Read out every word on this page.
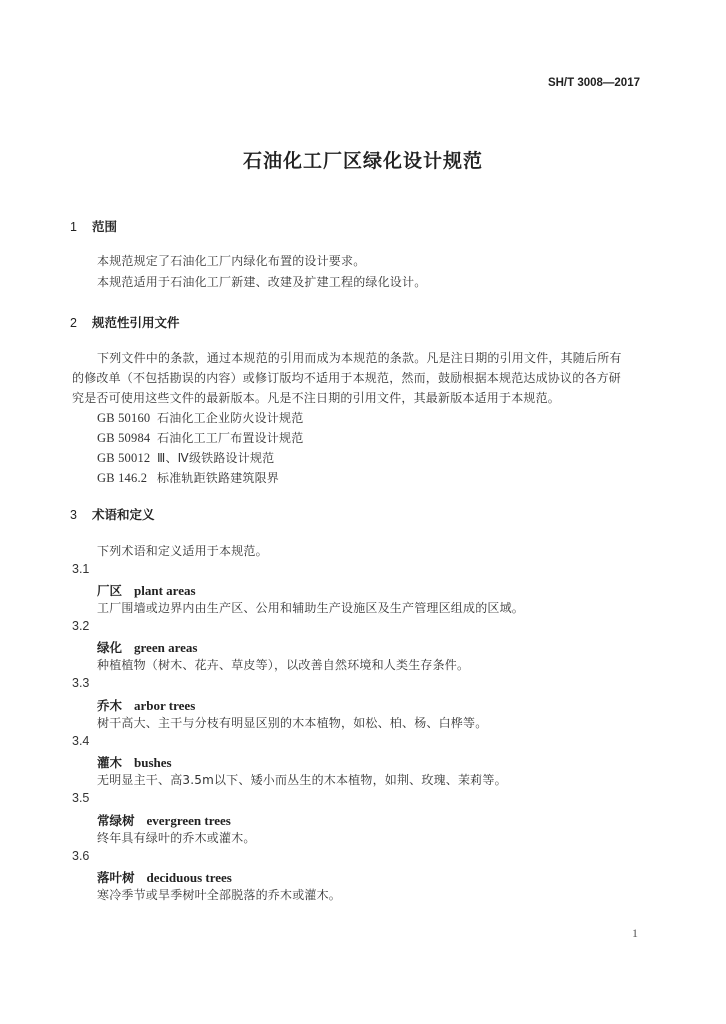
SH/T 3008—2017
石油化工厂区绿化设计规范
1 范围
本规范规定了石油化工厂内绿化布置的设计要求。
本规范适用于石油化工厂新建、改建及扩建工程的绿化设计。
2 规范性引用文件
下列文件中的条款，通过本规范的引用而成为本规范的条款。凡是注日期的引用文件，其随后所有
的修改单（不包括勘误的内容）或修订版均不适用于本规范，然而，鼓励根据本规范达成协议的各方研
究是否可使用这些文件的最新版本。凡是不注日期的引用文件，其最新版本适用于本规范。
GB 50160 石油化工企业防火设计规范
GB 50984 石油化工工厂布置设计规范
GB 50012 Ⅲ、Ⅳ级铁路设计规范
GB 146.2 标准轨距铁路建筑限界
3 术语和定义
下列术语和定义适用于本规范。
3.1
厂区 plant areas
工厂围墙或边界内由生产区、公用和辅助生产设施区及生产管理区组成的区域。
3.2
绿化 green areas
种植植物（树木、花卉、草皮等），以改善自然环境和人类生存条件。
3.3
乔木 arbor trees
树干高大、主干与分枝有明显区别的木本植物，如松、柏、杨、白桦等。
3.4
灌木 bushes
无明显主干、高3.5m以下、矮小而丛生的木本植物，如荆、玫瑰、茉莉等。
3.5
常绿树 evergreen trees
终年具有绿叶的乔木或灌木。
3.6
落叶树 deciduous trees
寒冷季节或旱季树叶全部脱落的乔木或灌木。
1
